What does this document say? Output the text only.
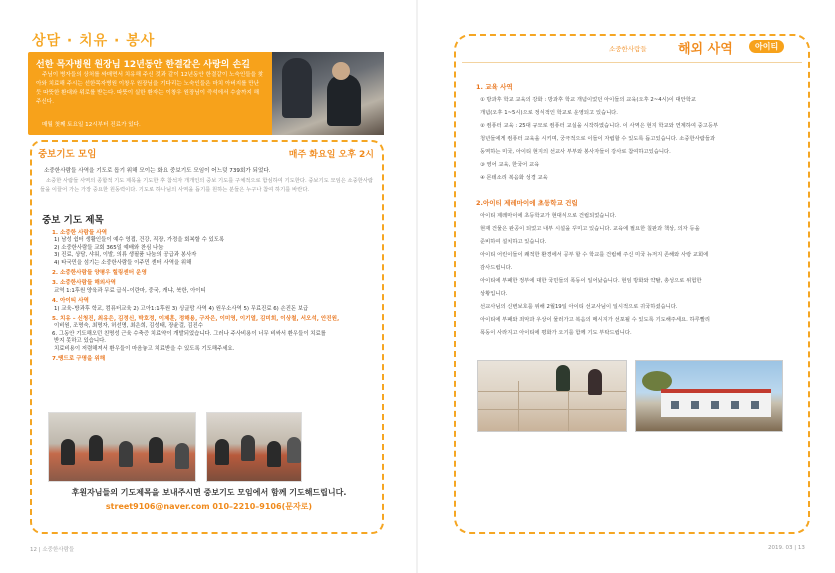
상담 · 치유 · 봉사
선한 목자병원 원장님 12년동안 한결같은 사랑의 손길
주님이 병자들의 상처를 싸매면서 치유해 주신 것과 같이 12년동안 한결같이 노숙인들을 찾아와 치료해 주시는 선한목자병원 이창우 원장님을 기다리는 노숙인들은 마치 아버지를 만난 듯 따뜻한 환대와 위로를 받는다. 따뜻이 실한 환자는 이창우 원장님이 즉석에서 수술까지 해 주신다.
매월 첫째 토요일 12시부터 진료가 있다.
중보기도 모임	매주 화요일 오후 2시
소중한사람들 사역을 기도로 돕기 위해 모이는 화요 중보기도 모임이 어느덧 739회가 되었다.
소중한 사람들 사역의 종합적 기도 제목을 기도한 후 참석자 개개인의 중보 기도를 구체적으로 함심하여 기도한다. 중보기도 모임은 소중한사람들을 이끌어 가는 가장 중요한 원동력이다. 기도로 하나님의 사역을 돕기를 원하는 분들은 누구나 참여 하기를 바란다.
중보 기도 제목
1. 소중한 사람들 사역
1) 남성 쉼터 생활인들이 예수 영접, 건강, 직장, 가정을 회복할 수 있도록
2) 소중한사람들 교회 365일 예배와 찬심 나눔
3) 진료, 상담, 샤워, 이발, 의류 생필품 나눔의 공급과 봉사자
4) 타국민을 섬기는 소중한사람들 이주민 센터 사역을 위해
2. 소중한사람들 양평우 힐링센터 운영
3. 소중한사람들 해외사역
교역 1:1후원 양육과 무료 급식–이란마, 중국, 캐냐, 북한, 아이티
4. 아이티 사역
1) 교육–방과후 학교, 컴퓨터교육 2) 고아1:1후원 3) 싱글맘 사역 4) 원우소사역 5) 무료진료 6) 손진돈 보급
5. 치유 – 신청진, 최유은, 김정신, 박호정, 이제훈, 정해용, 구자은, 이미영, 이기열, 김미희, 이상철, 서오석, 안진원,
이비원, 조명숙, 최명자, 허선명, 최은희, 김성태, 장윤걸, 김진수
6. 그동안 기도해오던 친명성 근육 수축증 치료약이 개발되었습니다. 그러나 주사비용이 너무 비싸서 환우들이 치료를
받지 못하고 있습니다.
치료비용이 저렴해져서 환우들이 마음놓고 치료받을 수 있도록 기도해주세요.
7.땡드로 구명을 위해
후원자님들의 기도제목을 보내주시면 중보기도 모임에서 함께 기도해드립니다.
street9106@naver.com 010–2210–9106(문자로)
12 | 소중한사람들
소중한사람들 해외 사역	아이티
1. 교육 사역
① 방과후 학교 교육의 강화 : 방과후 학교 개념이었던 아이들의 교육(오후 2~4시)이 대안학교
개념(오후 1~5시)으로 정식적인 학교로 운영되고 있습니다.
② 컴퓨터 교육 : 25대 규모로 컴퓨터 교실을 시작하였습니다. 이 사역은 현지 학교와 연계하여 중고등부
청년들에게 컴퓨터 교육을 시키며, 궁극적으로 이들이 자립할 수 있도록 돕고있습니다. 소중한사람들과
동역하는 미국, 아이티 현지의 선교사 부부와 봉사자들이 강사로 참여하고있습니다.
③ 영어 교육, 한국어 교육
④ 몬테소리 복음화 성경 교육
2.아이티 제레마이에 초등학교 건립
아이티 제레마이에 초등학교가 현대식으로 건립되었습니다.
현재 건물은 완공이 되었고 내부 시설을 꾸미고 있습니다. 교육에 필요한 칠판과 책상, 의자 등을
준비하여 설치하고 있습니다.
아이티 어린이들이 쾌적한 환경에서 공부 할 수 학교를 건립해 주신 미국 뉴저지 존해와 사랑 교회에
감사드립니다.
아이티에 부패한 정부에 대한 국민들의 폭동이 일어났습니다. 현임 방화와 약탈, 총성으로 위험한
상황입니다.
선교사님의 신변보호를 위해 2월19일 아이티 선교사님이 일시적으로 귀국하셨습니다.
아이티에 부패와 죄악과 우상이 물러가고 복음의 메시지가 선포될 수 있도록 기도해주세요. 하루빨리
폭동이 사라지고 아이티에 평화가 오기를 함께 기도 부탁드립니다.
2019. 03 | 13
